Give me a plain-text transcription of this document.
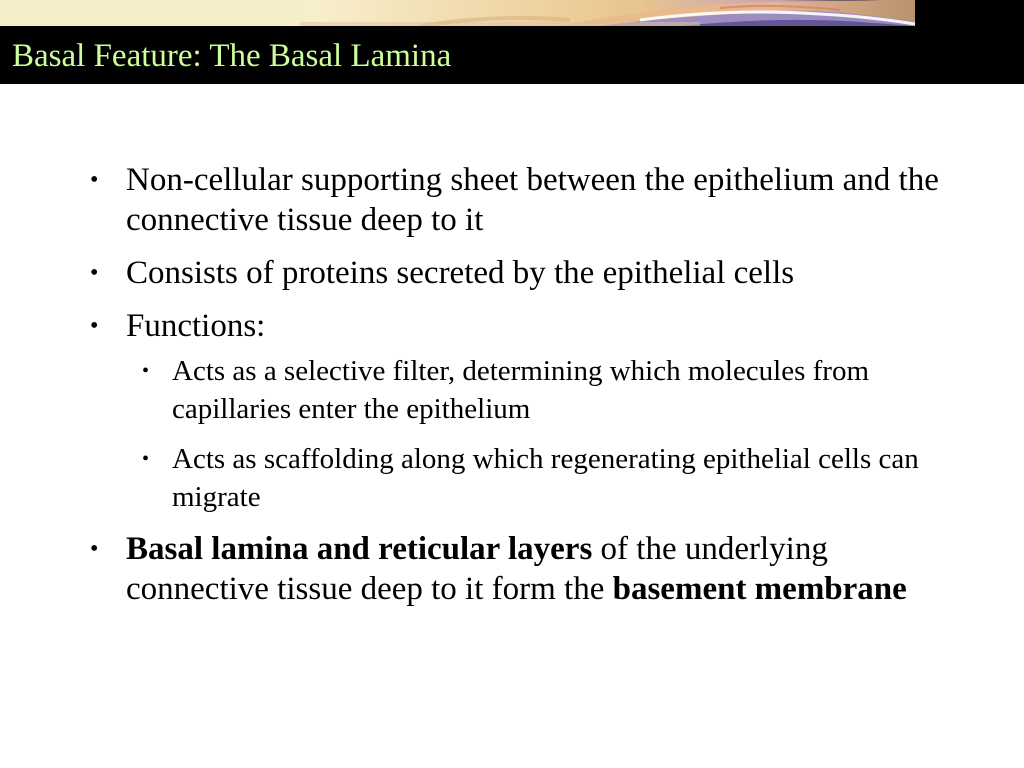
Basal Feature: The Basal Lamina
• Non-cellular supporting sheet between the epithelium and the connective tissue deep to it
• Consists of proteins secreted by the epithelial cells
• Functions:
• Acts as a selective filter, determining which molecules from capillaries enter the epithelium
• Acts as scaffolding along which regenerating epithelial cells can migrate
• Basal lamina and reticular layers of the underlying connective tissue deep to it form the basement membrane
